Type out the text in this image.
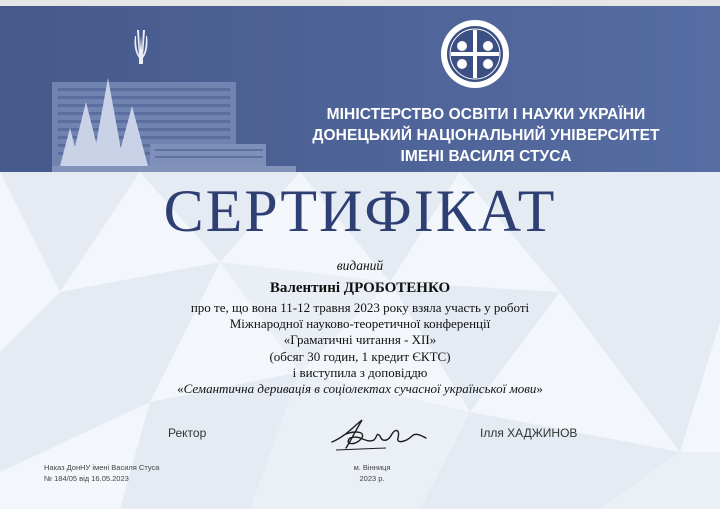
МІНІСТЕРСТВО ОСВІТИ І НАУКИ УКРАЇНИ
ДОНЕЦЬКИЙ НАЦІОНАЛЬНИЙ УНІВЕРСИТЕТ
ІМЕНІ ВАСИЛЯ СТУСА
СЕРТИФІКАТ
виданий
Валентині ДРОБОТЕНКО
про те, що вона 11-12 травня 2023 року взяла участь у роботі
Міжнародної науково-теоретичної конференції
«Граматичні читання - ХІІ»
(обсяг 30 годин, 1 кредит ЄКТС)
і виступила з доповіддю
«Семантична деривація в соціолектах сучасної української мови»
Ректор	Ілля ХАДЖИНОВ
Наказ ДонНУ імені Василя Стуса
№ 184/05 від 16.05.2023
м. Вінниця
2023 р.
